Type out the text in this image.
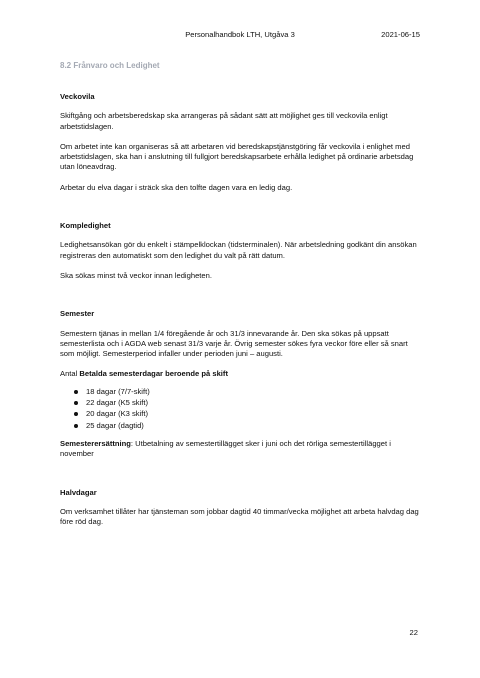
Personalhandbok LTH, Utgåva 3	2021-06-15
8.2 Frånvaro och Ledighet

Veckovila

Skiftgång och arbetsberedskap ska arrangeras på sådant sätt att möjlighet ges till veckovila enligt arbetstidslagen.

Om arbetet inte kan organiseras så att arbetaren vid beredskapstjänstgöring får veckovila i enlighet med arbetstidslagen, ska han i anslutning till fullgjort beredskapsarbete erhålla ledighet på ordinarie arbetsdag utan löneavdrag.

Arbetar du elva dagar i sträck ska den tolfte dagen vara en ledig dag.

Kompledighet

Ledighetsansökan gör du enkelt i stämpelklockan (tidsterminalen). När arbetsledning godkänt din ansökan registreras den automatiskt som den ledighet du valt på rätt datum.

Ska sökas minst två veckor innan ledigheten.

Semester

Semestern tjänas in mellan 1/4 föregående år och 31/3 innevarande år. Den ska sökas på uppsatt semesterlista och i AGDA web senast 31/3 varje år. Övrig semester sökes fyra veckor före eller så snart som möjligt. Semesterperiod infaller under perioden juni – augusti.

Antal Betalda semesterdagar beroende på skift

18 dagar (7/7-skift)
22 dagar (K5 skift)
20 dagar (K3 skift)
25 dagar (dagtid)

Semesterersättning: Utbetalning av semestertillägget sker i juni och det rörliga semestertillägget i november

Halvdagar

Om verksamhet tillåter har tjänsteman som jobbar dagtid 40 timmar/vecka möjlighet att arbeta halvdag dag före röd dag.

22
